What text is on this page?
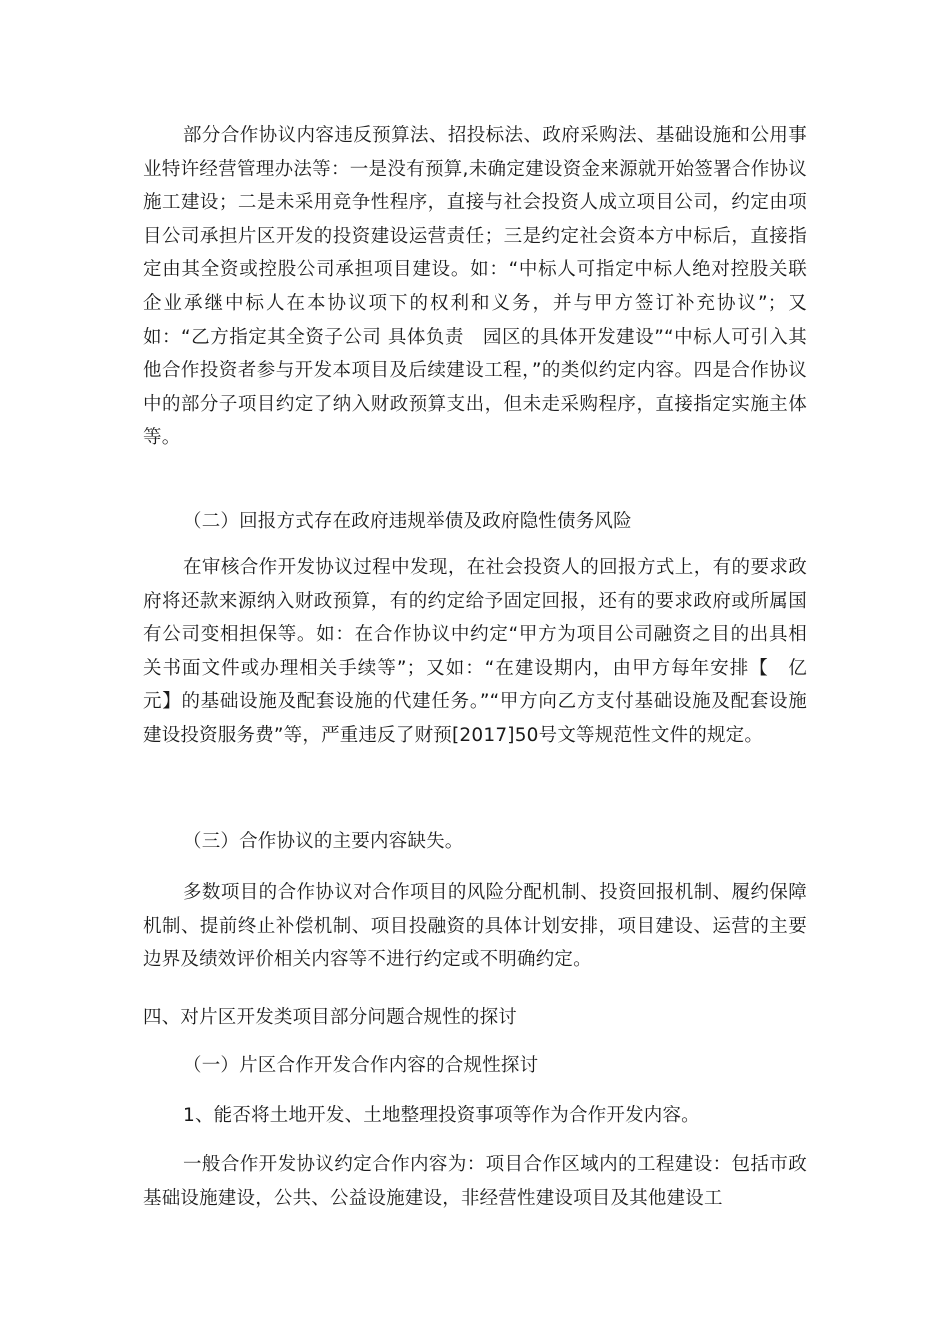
部分合作协议内容违反预算法、招投标法、政府采购法、基础设施和公用事业特许经营管理办法等：一是没有预算,未确定建设资金来源就开始签署合作协议施工建设；二是未采用竞争性程序，直接与社会投资人成立项目公司，约定由项目公司承担片区开发的投资建设运营责任；三是约定社会资本方中标后，直接指定由其全资或控股公司承担项目建设。如：“中标人可指定中标人绝对控股关联企业承继中标人在本协议项下的权利和义务，并与甲方签订补充协议”；又如：“乙方指定其全资子公司 具体负责　园区的具体开发建设”“中标人可引入其他合作投资者参与开发本项目及后续建设工程，”的类似约定内容。四是合作协议中的部分子项目约定了纳入财政预算支出，但未走采购程序，直接指定实施主体等。

（二）回报方式存在政府违规举债及政府隐性债务风险

在审核合作开发协议过程中发现，在社会投资人的回报方式上，有的要求政府将还款来源纳入财政预算，有的约定给予固定回报，还有的要求政府或所属国有公司变相担保等。如：在合作协议中约定“甲方为项目公司融资之目的出具相关书面文件或办理相关手续等”；又如：“在建设期内，由甲方每年安排【　亿元】的基础设施及配套设施的代建任务。”“甲方向乙方支付基础设施及配套设施建设投资服务费”等，严重违反了财预[2017]50号文等规范性文件的规定。

（三）合作协议的主要内容缺失。

多数项目的合作协议对合作项目的风险分配机制、投资回报机制、履约保障机制、提前终止补偿机制、项目投融资的具体计划安排，项目建设、运营的主要边界及绩效评价相关内容等不进行约定或不明确约定。

四、对片区开发类项目部分问题合规性的探讨

（一）片区合作开发合作内容的合规性探讨

1、能否将土地开发、土地整理投资事项等作为合作开发内容。

一般合作开发协议约定合作内容为：项目合作区域内的工程建设：包括市政基础设施建设，公共、公益设施建设，非经营性建设项目及其他建设工
